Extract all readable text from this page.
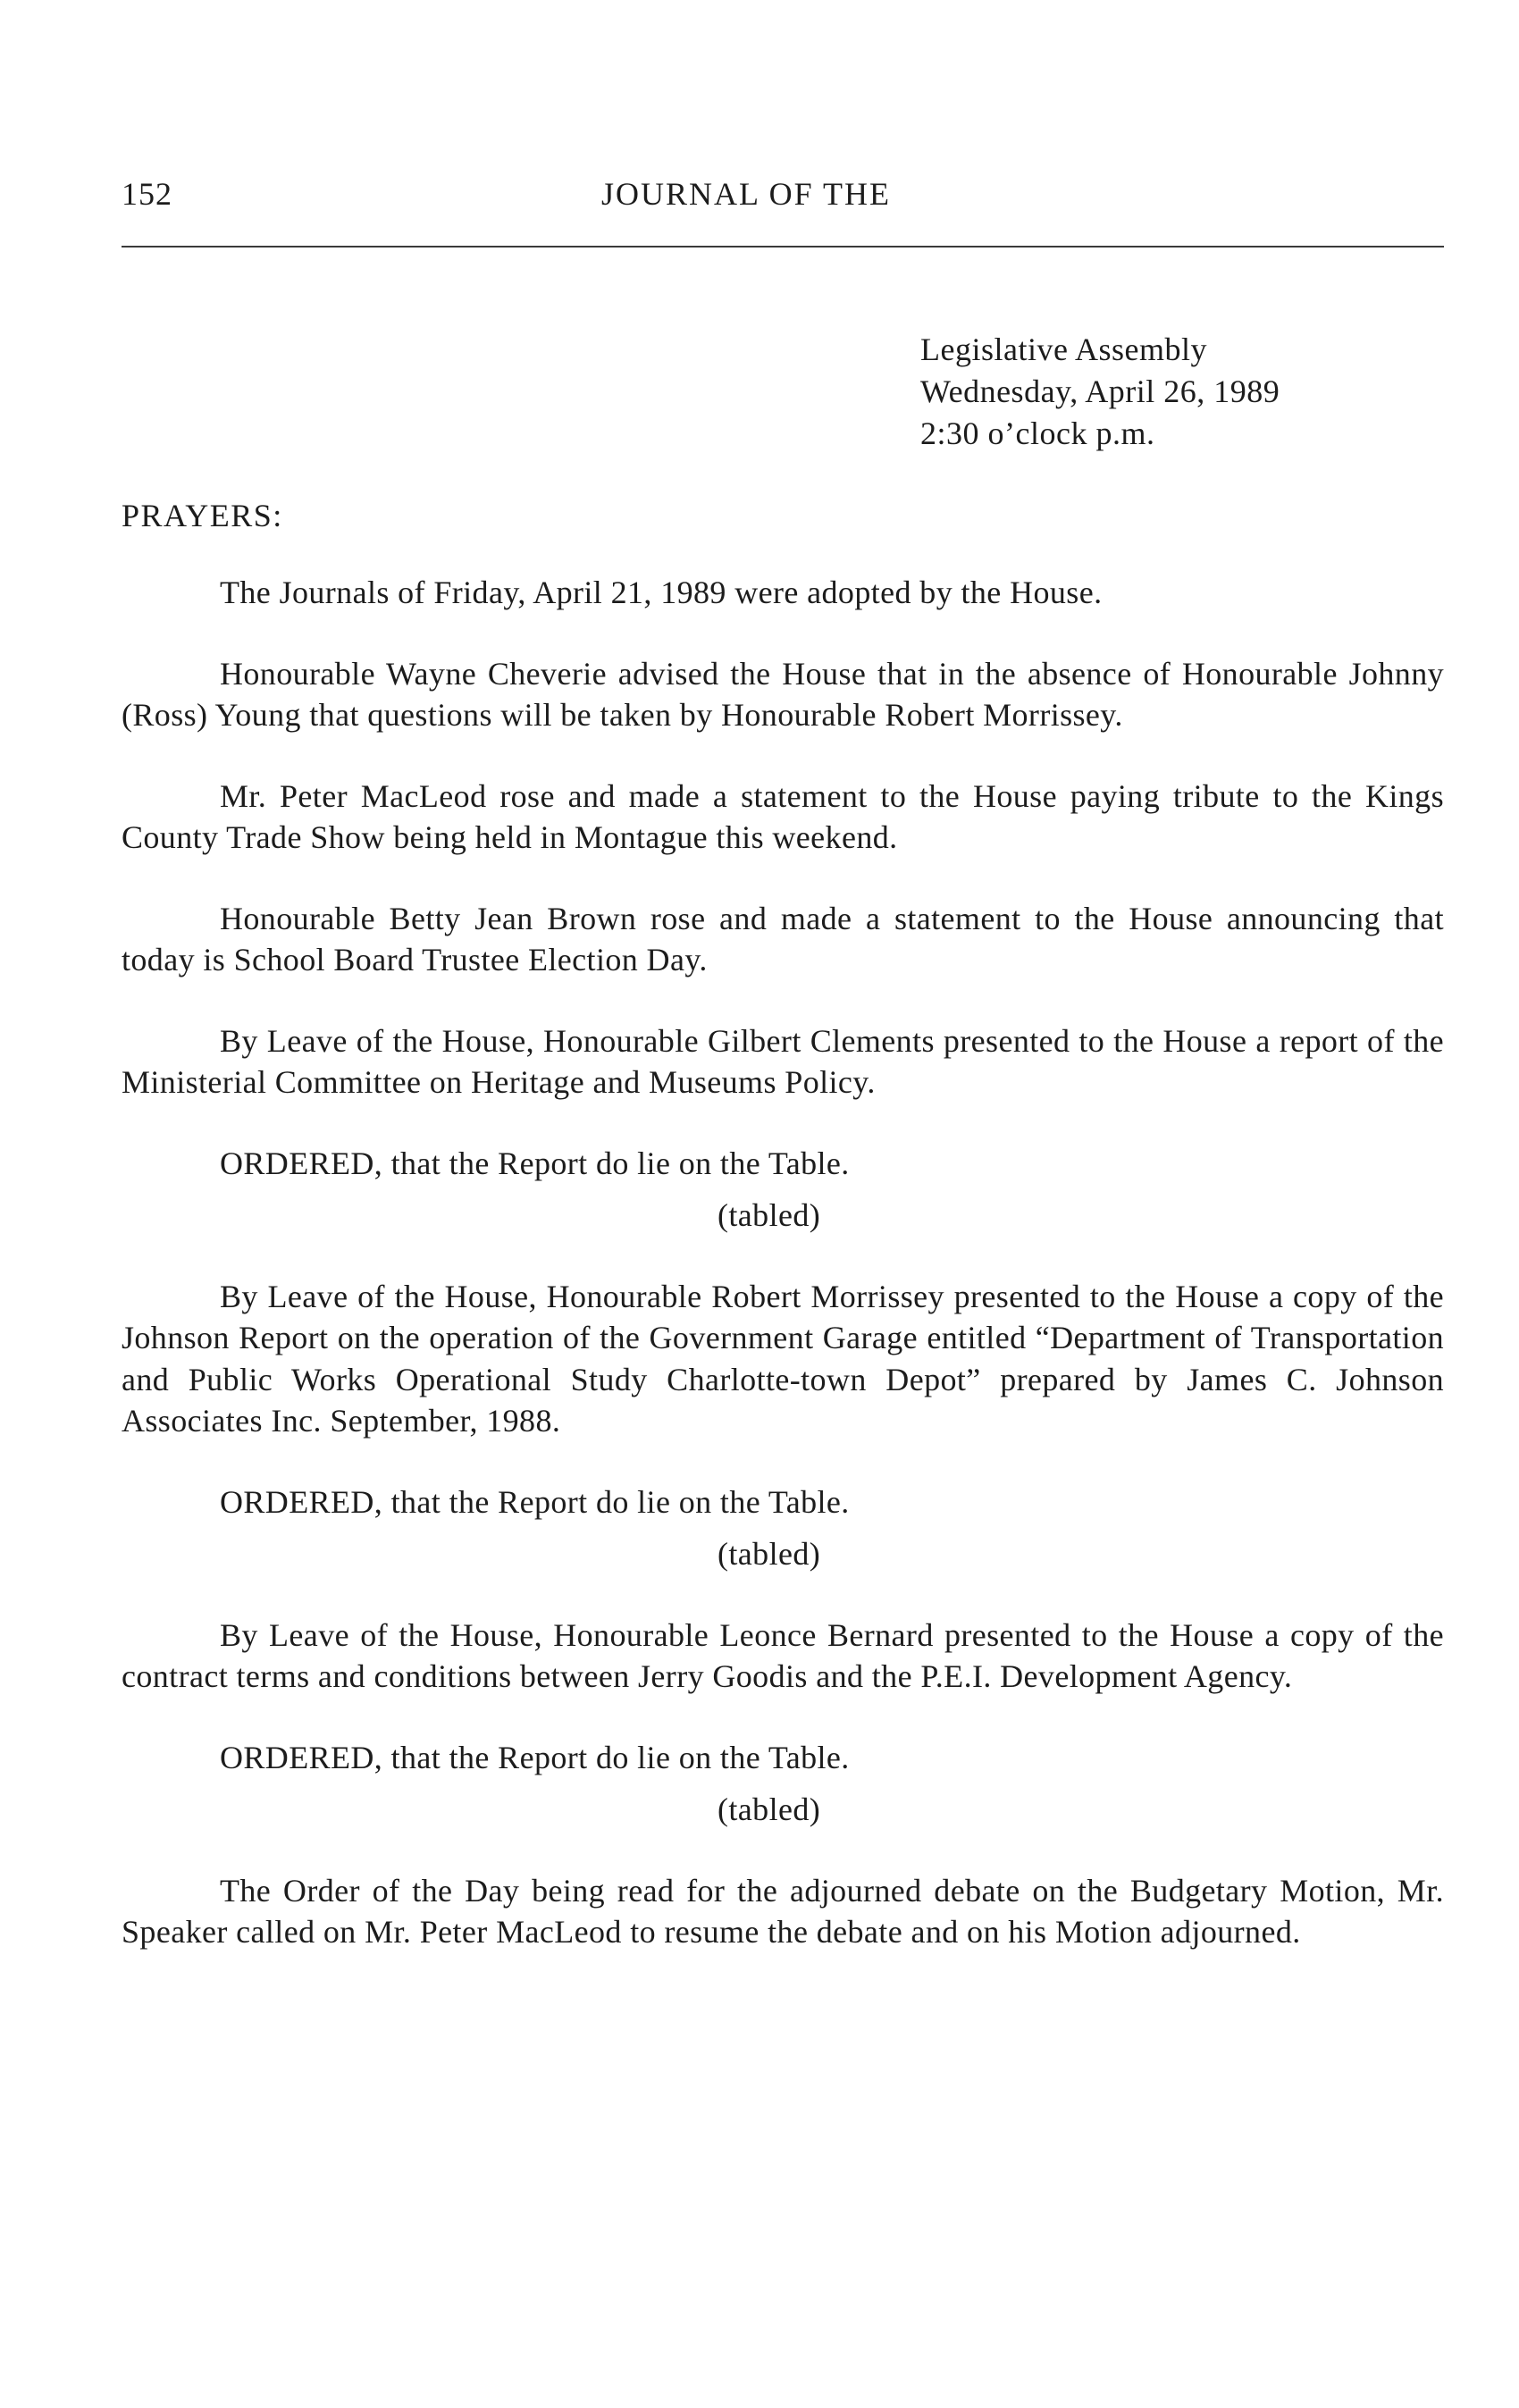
152	JOURNAL OF THE
Legislative Assembly
Wednesday, April 26, 1989
2:30 o’clock p.m.
PRAYERS:

The Journals of Friday, April 21, 1989 were adopted by the House.

Honourable Wayne Cheverie advised the House that in the absence of Honourable Johnny (Ross) Young that questions will be taken by Honourable Robert Morrissey.

Mr. Peter MacLeod rose and made a statement to the House paying tribute to the Kings County Trade Show being held in Montague this weekend.

Honourable Betty Jean Brown rose and made a statement to the House announcing that today is School Board Trustee Election Day.

By Leave of the House, Honourable Gilbert Clements presented to the House a report of the Ministerial Committee on Heritage and Museums Policy.

ORDERED, that the Report do lie on the Table.

(tabled)

By Leave of the House, Honourable Robert Morrissey presented to the House a copy of the Johnson Report on the operation of the Government Garage entitled “Department of Transportation and Public Works Operational Study Charlotte-town Depot” prepared by James C. Johnson Associates Inc. September, 1988.

ORDERED, that the Report do lie on the Table.

(tabled)

By Leave of the House, Honourable Leonce Bernard presented to the House a copy of the contract terms and conditions between Jerry Goodis and the P.E.I. Development Agency.

ORDERED, that the Report do lie on the Table.

(tabled)

The Order of the Day being read for the adjourned debate on the Budgetary Motion, Mr. Speaker called on Mr. Peter MacLeod to resume the debate and on his Motion adjourned.
